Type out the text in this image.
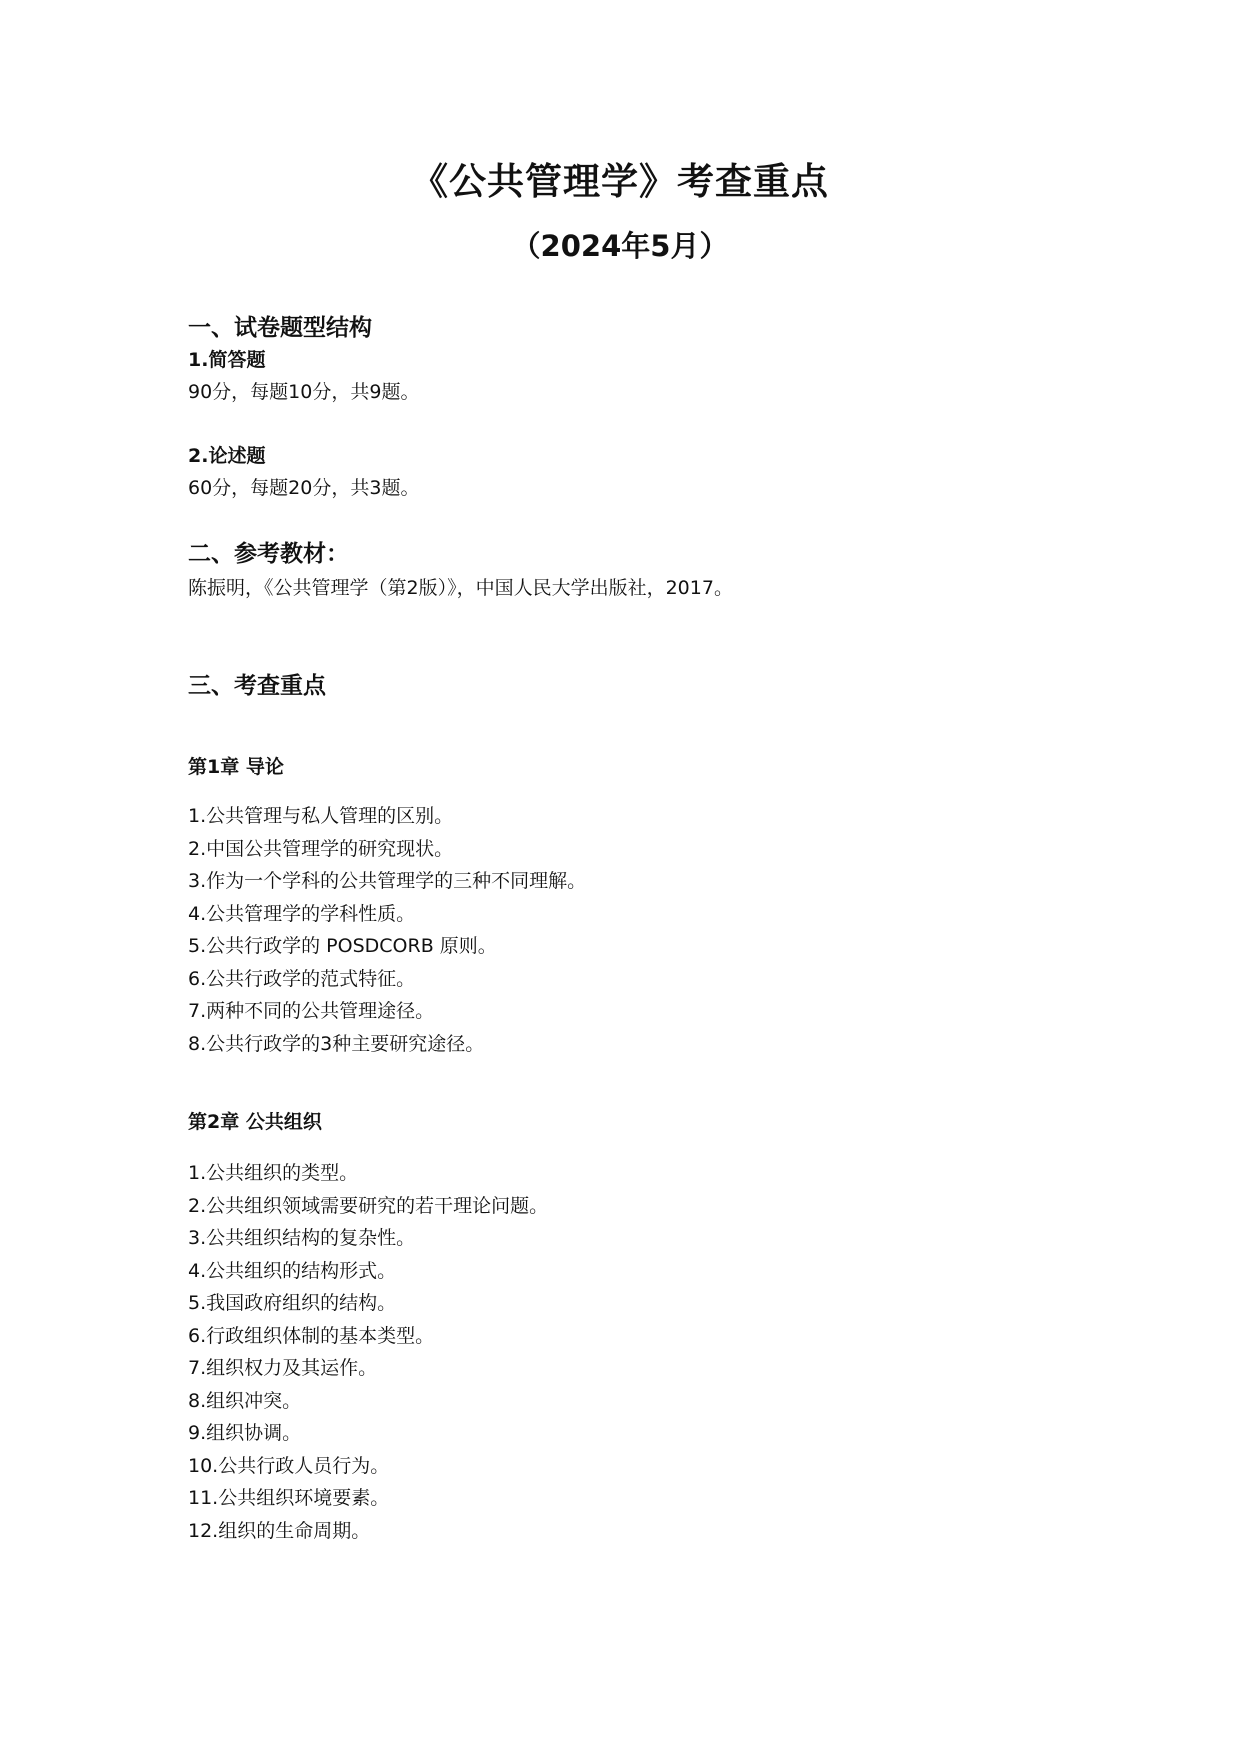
《公共管理学》考查重点
（2024年5月）
一、试卷题型结构
1.简答题
90分，每题10分，共9题。
2.论述题
60分，每题20分，共3题。
二、参考教材：
陈振明，《公共管理学（第2版）》，中国人民大学出版社，2017。
三、考查重点
第1章 导论
1.公共管理与私人管理的区别。
2.中国公共管理学的研究现状。
3.作为一个学科的公共管理学的三种不同理解。
4.公共管理学的学科性质。
5.公共行政学的 POSDCORB 原则。
6.公共行政学的范式特征。
7.两种不同的公共管理途径。
8.公共行政学的3种主要研究途径。
第2章 公共组织
1.公共组织的类型。
2.公共组织领域需要研究的若干理论问题。
3.公共组织结构的复杂性。
4.公共组织的结构形式。
5.我国政府组织的结构。
6.行政组织体制的基本类型。
7.组织权力及其运作。
8.组织冲突。
9.组织协调。
10.公共行政人员行为。
11.公共组织环境要素。
12.组织的生命周期。
